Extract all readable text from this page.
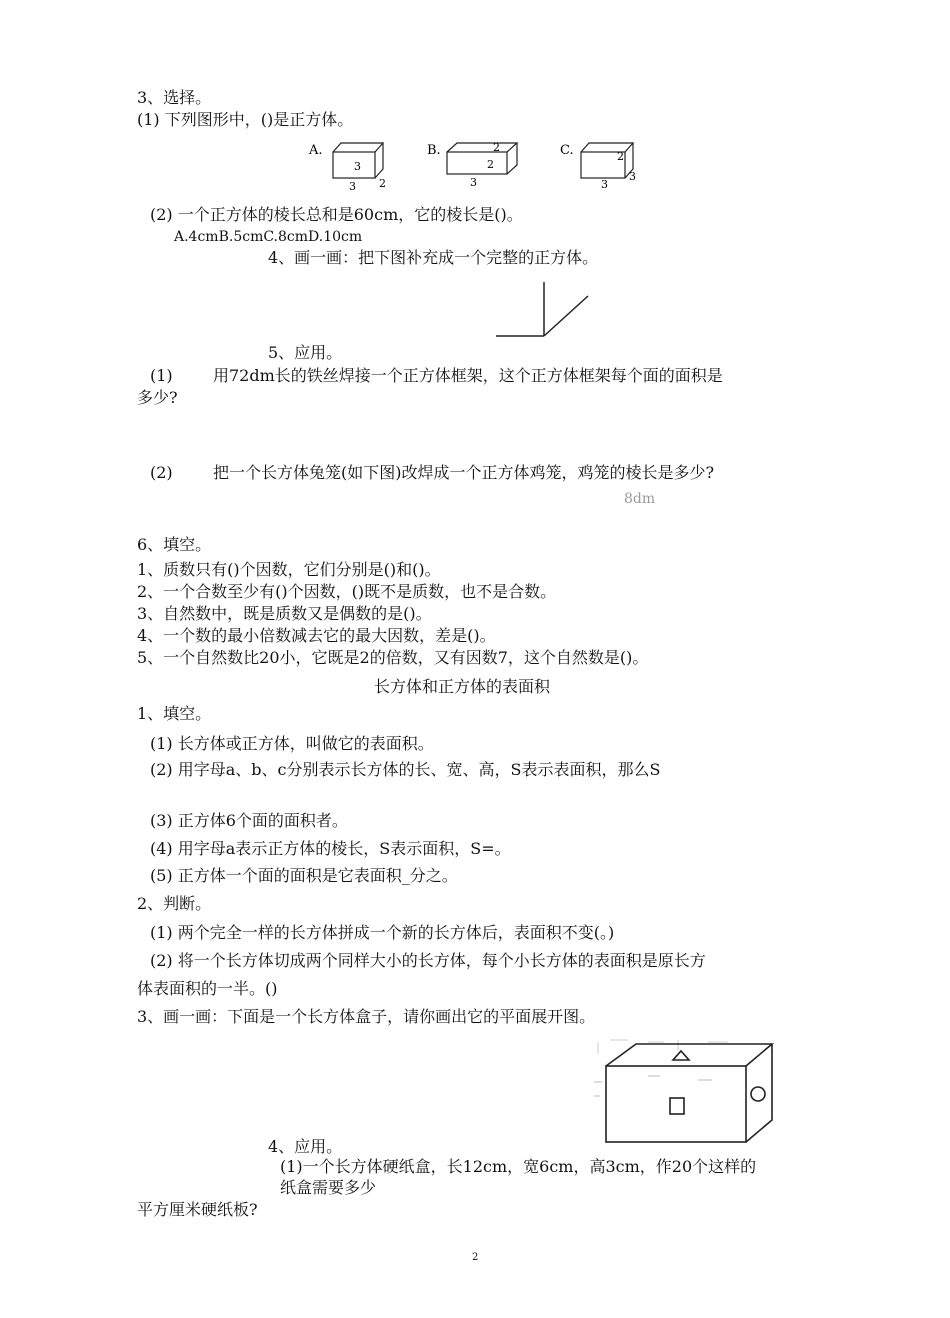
3、选择。
(1) 下列图形中，()是正方体。
A.
3
3 2
B.	2
2
3
C.	2
3
3
(2) 一个正方体的棱长总和是60cm，它的棱长是()。
A.4cmB.5cmC.8cmD.10cm
4、画一画：把下图补充成一个完整的正方体。
5、应用。
(1)	用72dm长的铁丝焊接一个正方体框架，这个正方体框架每个面的面积是
多少?
(2)	把一个长方体兔笼(如下图)改焊成一个正方体鸡笼，鸡笼的棱长是多少?
8dm
6、填空。
1、质数只有()个因数，它们分别是()和()。
2、一个合数至少有()个因数，()既不是质数，也不是合数。
3、自然数中，既是质数又是偶数的是()。
4、一个数的最小倍数减去它的最大因数，差是()。
5、一个自然数比20小，它既是2的倍数，又有因数7，这个自然数是()。
长方体和正方体的表面积
1、填空。
(1) 长方体或正方体，叫做它的表面积。
(2) 用字母a、b、c分别表示长方体的长、宽、高，S表示表面积，那么S
(3) 正方体6个面的面积者。
(4) 用字母a表示正方体的棱长，S表示面积，S=。
(5) 正方体一个面的面积是它表面积_分之。
2、判断。
(1) 两个完全一样的长方体拼成一个新的长方体后，表面积不变(。)
(2) 将一个长方体切成两个同样大小的长方体，每个小长方体的表面积是原长方
体表面积的一半。()
3、画一画：下面是一个长方体盒子，请你画出它的平面展开图。
4、应用。
(1)一个长方体硬纸盒，长12cm，宽6cm，高3cm，作20个这样的
纸盒需要多少
平方厘米硬纸板?
2
